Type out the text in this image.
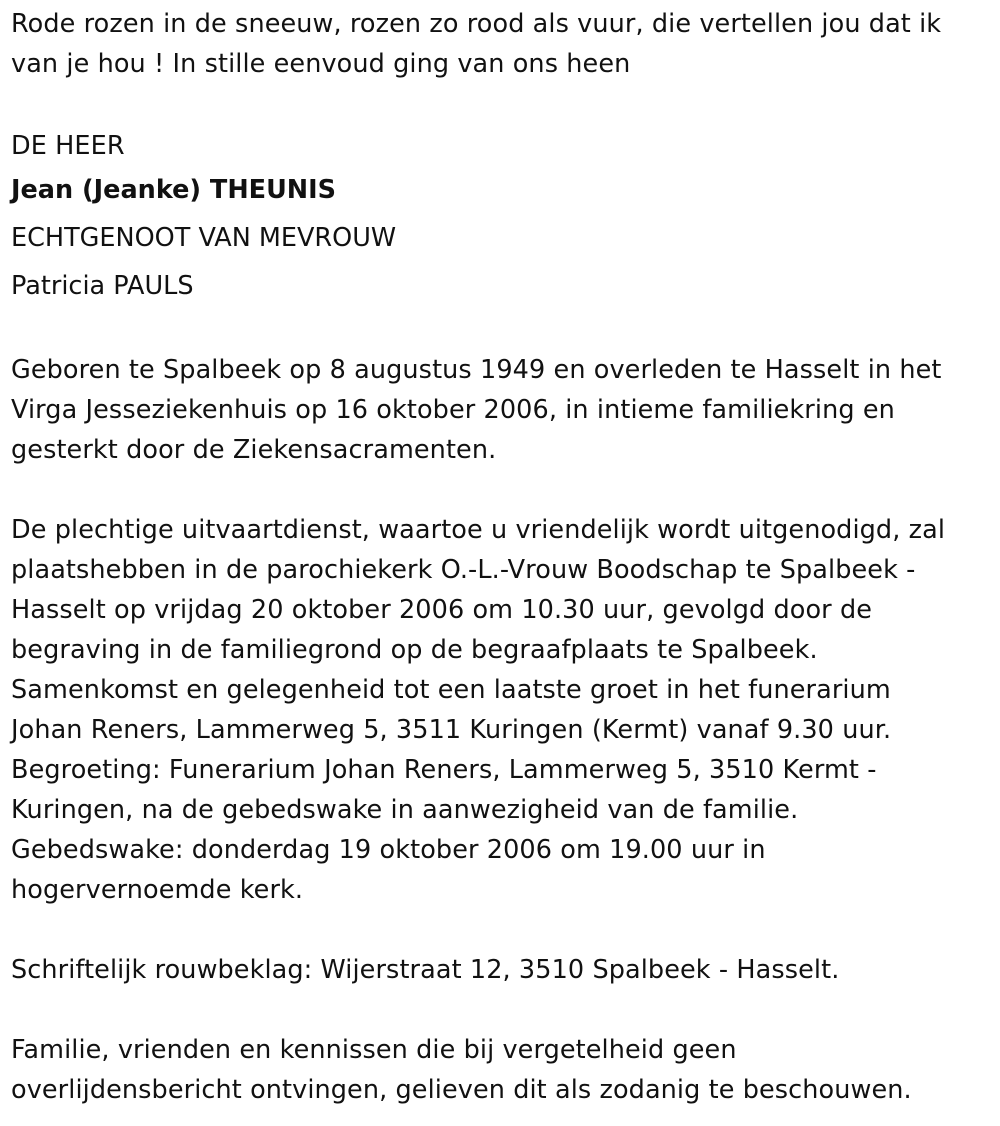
Rode rozen in de sneeuw, rozen zo rood als vuur, die vertellen jou dat ik
van je hou ! In stille eenvoud ging van ons heen
DE HEER
Jean (Jeanke) THEUNIS
ECHTGENOOT VAN MEVROUW
Patricia PAULS
Geboren te Spalbeek op 8 augustus 1949 en overleden te Hasselt in het
Virga Jesseziekenhuis op 16 oktober 2006, in intieme familiekring en
gesterkt door de Ziekensacramenten.
De plechtige uitvaartdienst, waartoe u vriendelijk wordt uitgenodigd, zal
plaatshebben in de parochiekerk O.-L.-Vrouw Boodschap te Spalbeek -
Hasselt op vrijdag 20 oktober 2006 om 10.30 uur, gevolgd door de
begraving in de familiegrond op de begraafplaats te Spalbeek.
Samenkomst en gelegenheid tot een laatste groet in het funerarium
Johan Reners, Lammerweg 5, 3511 Kuringen (Kermt) vanaf 9.30 uur.
Begroeting: Funerarium Johan Reners, Lammerweg 5, 3510 Kermt -
Kuringen, na de gebedswake in aanwezigheid van de familie.
Gebedswake: donderdag 19 oktober 2006 om 19.00 uur in
hogervernoemde kerk.
Schriftelijk rouwbeklag: Wijerstraat 12, 3510 Spalbeek - Hasselt.
Familie, vrienden en kennissen die bij vergetelheid geen
overlijdensbericht ontvingen, gelieven dit als zodanig te beschouwen.
